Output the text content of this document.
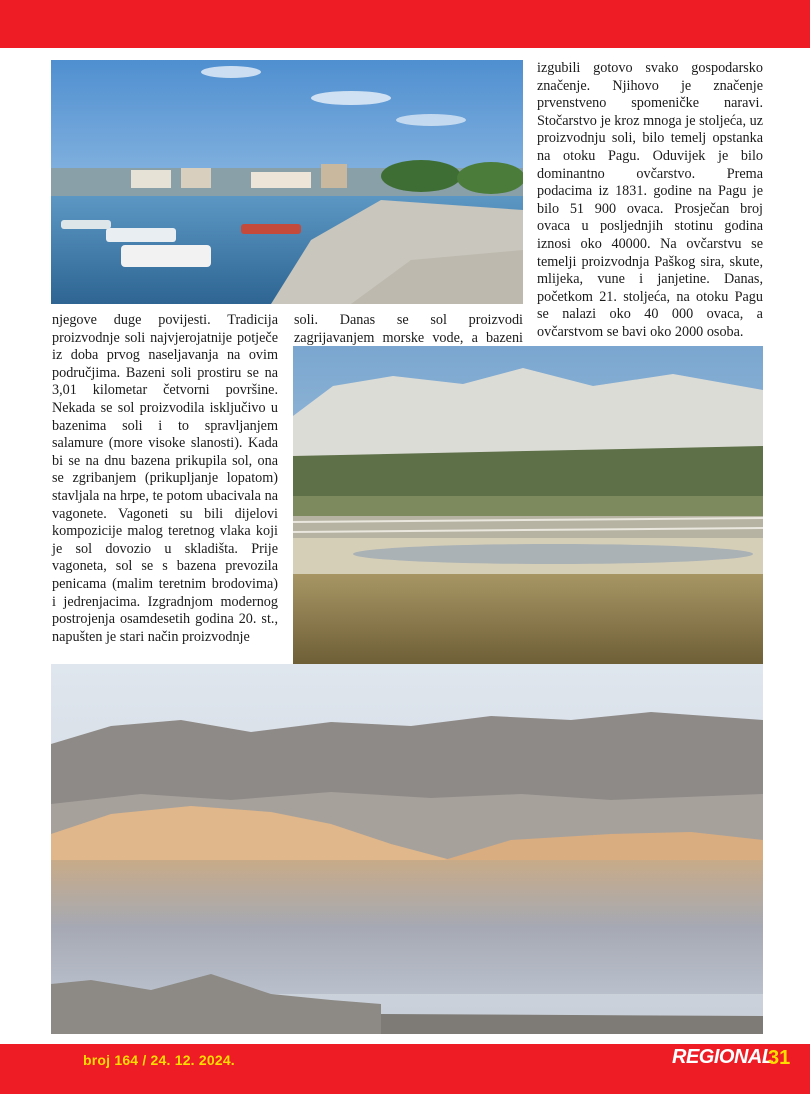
izgubili gotovo svako gospodarsko značenje. Njihovo je značenje prvenstveno spomeničke naravi. Stočarstvo je kroz mnoga je stoljeća, uz proizvodnju soli, bilo temelj opstanka na otoku Pagu. Oduvijek je bilo dominantno ovčarstvo. Prema podacima iz 1831. godine na Pagu je bilo 51 900 ovaca. Prosječan broj ovaca u posljednjih stotinu godina iznosi oko 40000. Na ovčarstvu se temelji proizvodnja Paškog sira, skute, mlijeka, vune i janjetine. Danas, početkom 21. stoljeća, na otoku Pagu se nalazi oko 40 000 ovaca, a ovčarstvom se bavi oko 2000 osoba.

njegove duge povijesti. Tradicija proizvodnje soli najvjerojatnije potječe iz doba prvog naseljavanja na ovim područjima. Bazeni soli prostiru se na 3,01 kilometar četvorni površine. Nekada se sol proizvodila isključivo u bazenima soli i to spravljanjem salamure (more visoke slanosti). Kada bi se na dnu bazena prikupila sol, ona se zgribanjem (prikupljanje lopatom) stavljala na hrpe, te potom ubacivala na vagonete. Vagoneti su bili dijelovi kompozicije malog teretnog vlaka koji je sol dovozio u skladišta. Prije vagoneta, sol se s bazena prevozila penicama (malim teretnim brodovima) i jedrenjacima. Izgradnjom modernog postrojenja osamdesetih godina 20. st., napušten je stari način proizvodnje

soli. Danas se sol proizvodi zagrijavanjem morske vode, a bazeni

broj 164 / 24. 12. 2024.	REGIONAL
31
